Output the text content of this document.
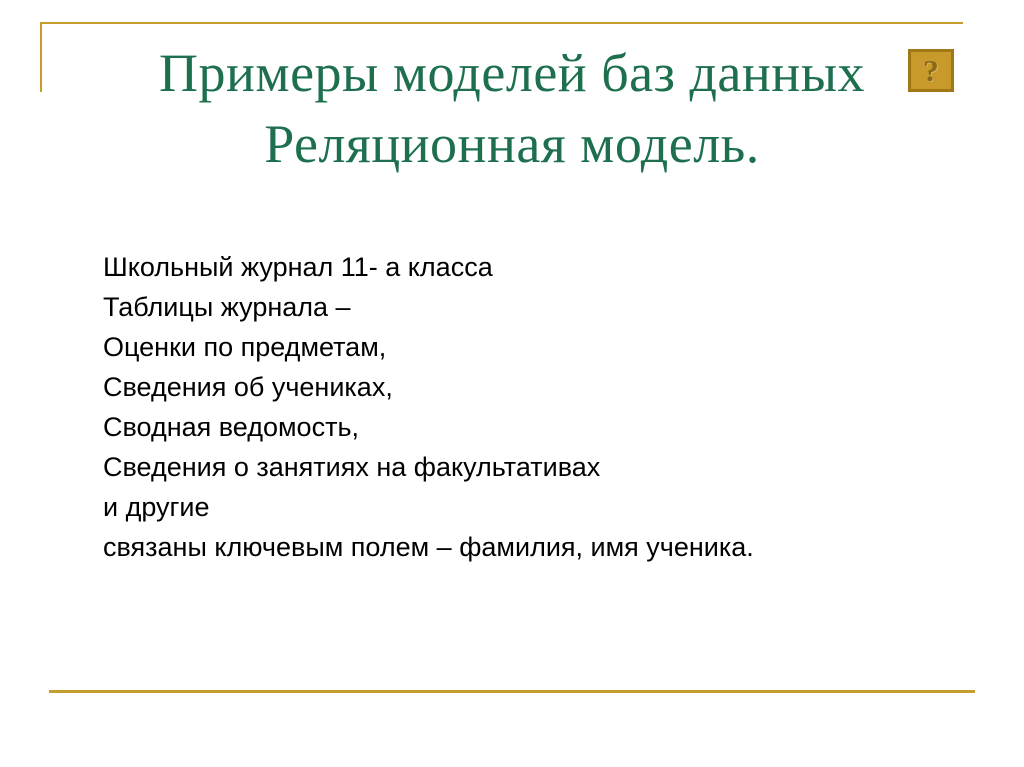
Примеры моделей баз данных
Реляционная модель.
?
Школьный журнал 11- а класса
Таблицы журнала –
Оценки по предметам,
Сведения об учениках,
Сводная ведомость,
Сведения о занятиях на факультативах
и другие
связаны ключевым полем – фамилия, имя ученика.
